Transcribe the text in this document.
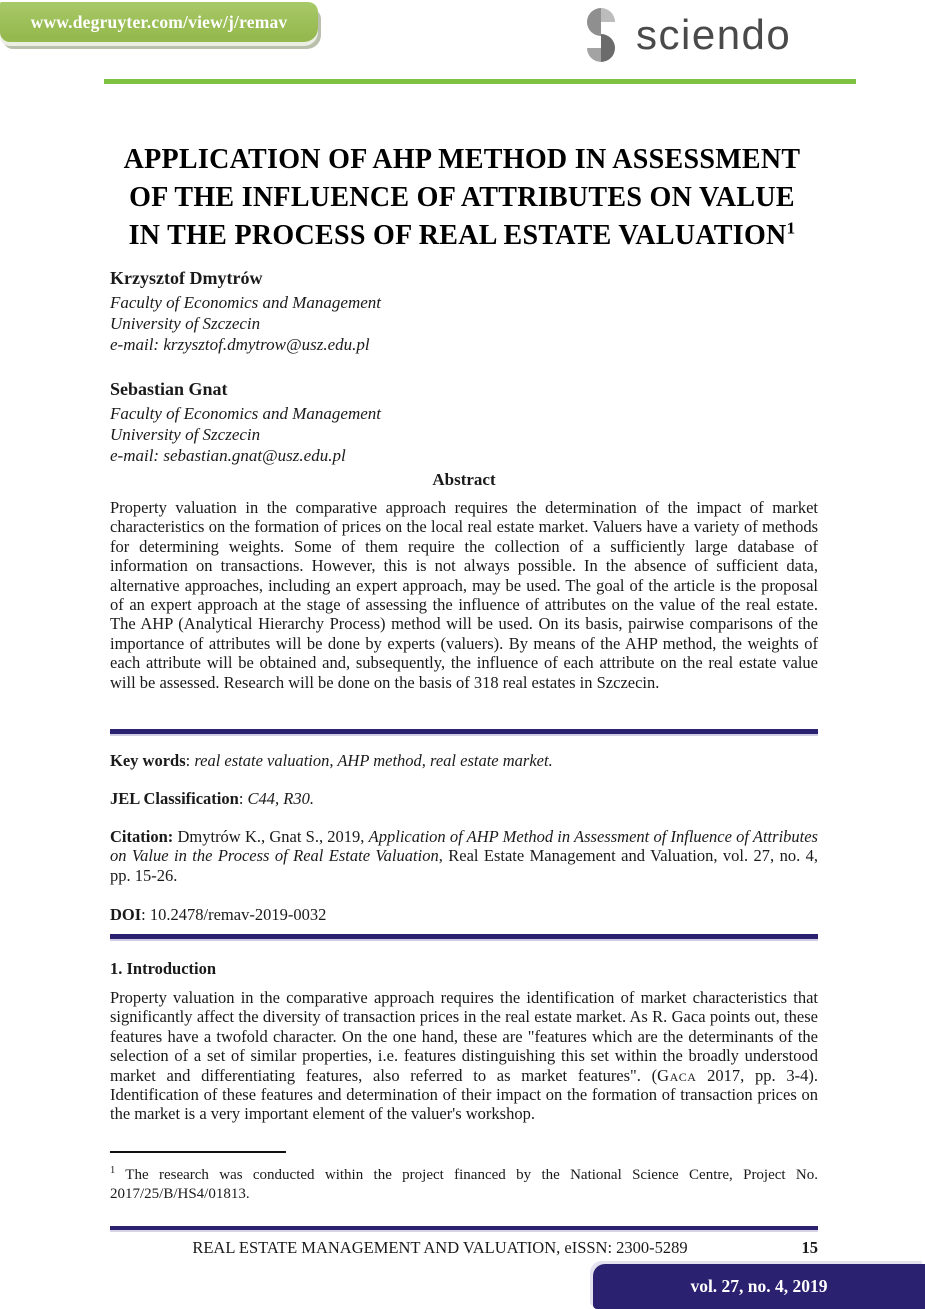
www.degruyter.com/view/j/remav	sciendo
APPLICATION OF AHP METHOD IN ASSESSMENT
OF THE INFLUENCE OF ATTRIBUTES ON VALUE
IN THE PROCESS OF REAL ESTATE VALUATION$^1$
Krzysztof Dmytrów
Faculty of Economics and Management
University of Szczecin
e-mail: krzysztof.dmytrow@usz.edu.pl
Sebastian Gnat
Faculty of Economics and Management
University of Szczecin
e-mail: sebastian.gnat@usz.edu.pl
Abstract
Property valuation in the comparative approach requires the determination of the impact of market characteristics on the formation of prices on the local real estate market. Valuers have a variety of methods for determining weights. Some of them require the collection of a sufficiently large database of information on transactions. However, this is not always possible. In the absence of sufficient data, alternative approaches, including an expert approach, may be used. The goal of the article is the proposal of an expert approach at the stage of assessing the influence of attributes on the value of the real estate. The AHP (Analytical Hierarchy Process) method will be used. On its basis, pairwise comparisons of the importance of attributes will be done by experts (valuers). By means of the AHP method, the weights of each attribute will be obtained and, subsequently, the influence of each attribute on the real estate value will be assessed. Research will be done on the basis of 318 real estates in Szczecin.
Key words: real estate valuation, AHP method, real estate market.
JEL Classification: C44, R30.
Citation: Dmytrów K., Gnat S., 2019, Application of AHP Method in Assessment of Influence of Attributes on Value in the Process of Real Estate Valuation, Real Estate Management and Valuation, vol. 27, no. 4, pp. 15-26.
DOI: 10.2478/remav-2019-0032
1. Introduction
Property valuation in the comparative approach requires the identification of market characteristics that significantly affect the diversity of transaction prices in the real estate market. As R. Gaca points out, these features have a twofold character. On the one hand, these are "features which are the determinants of the selection of a set of similar properties, i.e. features distinguishing this set within the broadly understood market and differentiating features, also referred to as market features". (Gaca 2017, pp. 3-4). Identification of these features and determination of their impact on the formation of transaction prices on the market is a very important element of the valuer's workshop.
$^1$ The research was conducted within the project financed by the National Science Centre, Project No. 2017/25/B/HS4/01813.
REAL ESTATE MANAGEMENT AND VALUATION, eISSN: 2300-5289	15
vol. 27, no. 4, 2019
